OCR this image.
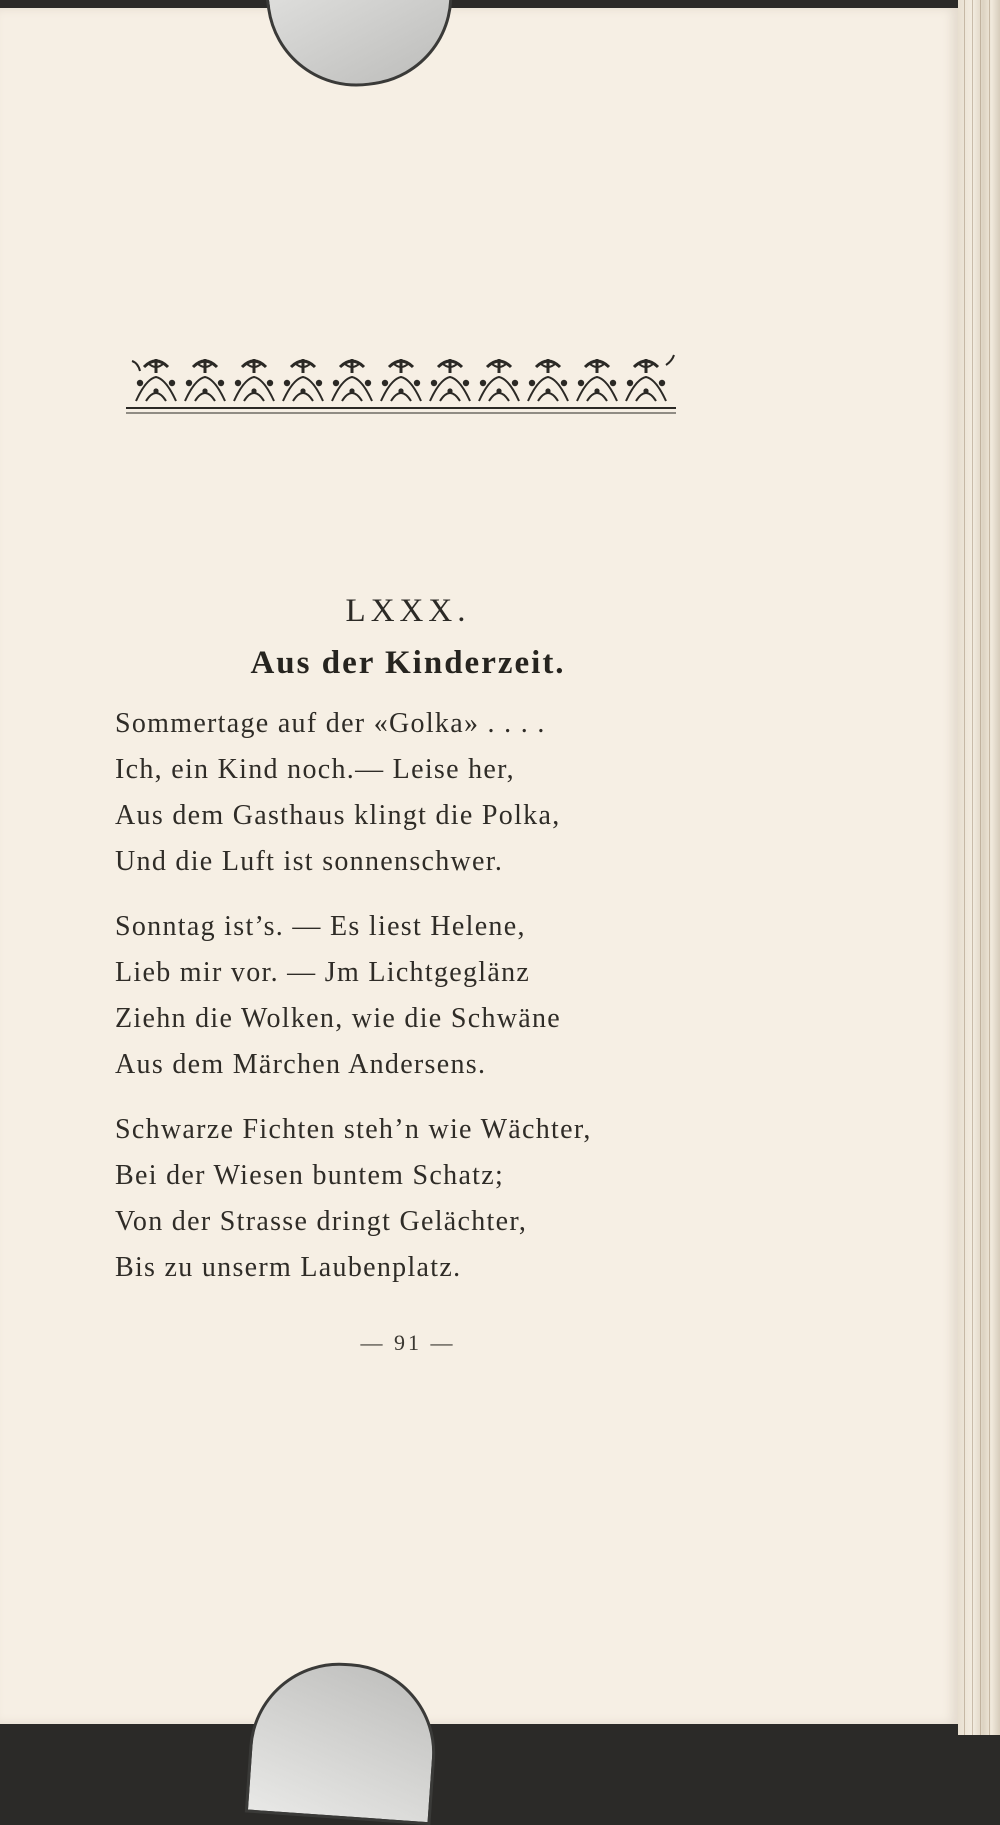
LXXX.
Aus der Kinderzeit.

Sommertage auf der «Golka» . . . .

Ich, ein Kind noch.— Leise her,

Aus dem Gasthaus klingt die Polka,

Und die Luft ist sonnenschwer.

Sonntag ist’s. — Es liest Helene,

Lieb mir vor. — Jm Lichtgeglänz

Ziehn die Wolken, wie die Schwäne

Aus dem Märchen Andersens.

Schwarze Fichten steh’n wie Wächter,

Bei der Wiesen buntem Schatz;

Von der Strasse dringt Gelächter,

Bis zu unserm Laubenplatz.

— 91 —
